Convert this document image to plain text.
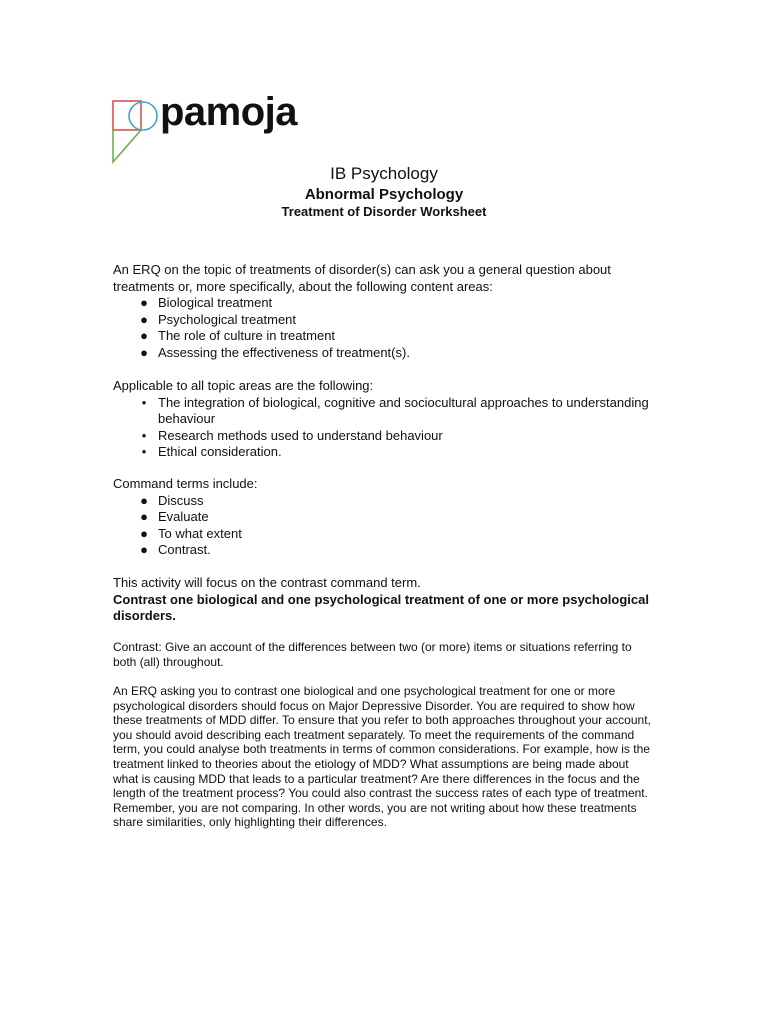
pamoja
IB Psychology
Abnormal Psychology
Treatment of Disorder Worksheet

An ERQ on the topic of treatments of disorder(s) can ask you a general question about treatments or, more specifically, about the following content areas:

●
Biological treatment
●
Psychological treatment
●
The role of culture in treatment
●
Assessing the effectiveness of treatment(s).

Applicable to all topic areas are the following:

•
The integration of biological, cognitive and sociocultural approaches to understanding behaviour
•
Research methods used to understand behaviour
•
Ethical consideration.

Command terms include:

●
Discuss
●
Evaluate
●
To what extent
●
Contrast.

This activity will focus on the contrast command term.

Contrast one biological and one psychological treatment of one or more psychological disorders.

Contrast: Give an account of the differences between two (or more) items or situations referring to both (all) throughout.
An ERQ asking you to contrast one biological and one psychological treatment for one or more psychological disorders should focus on Major Depressive Disorder. You are required to show how these treatments of MDD differ. To ensure that you refer to both approaches throughout your account, you should avoid describing each treatment separately. To meet the requirements of the command term, you could analyse both treatments in terms of common considerations. For example, how is the treatment linked to theories about the etiology of MDD? What assumptions are being made about what is causing MDD that leads to a particular treatment? Are there differences in the focus and the length of the treatment process? You could also contrast the success rates of each type of treatment. Remember, you are not comparing. In other words, you are not writing about how these treatments share similarities, only highlighting their differences.
